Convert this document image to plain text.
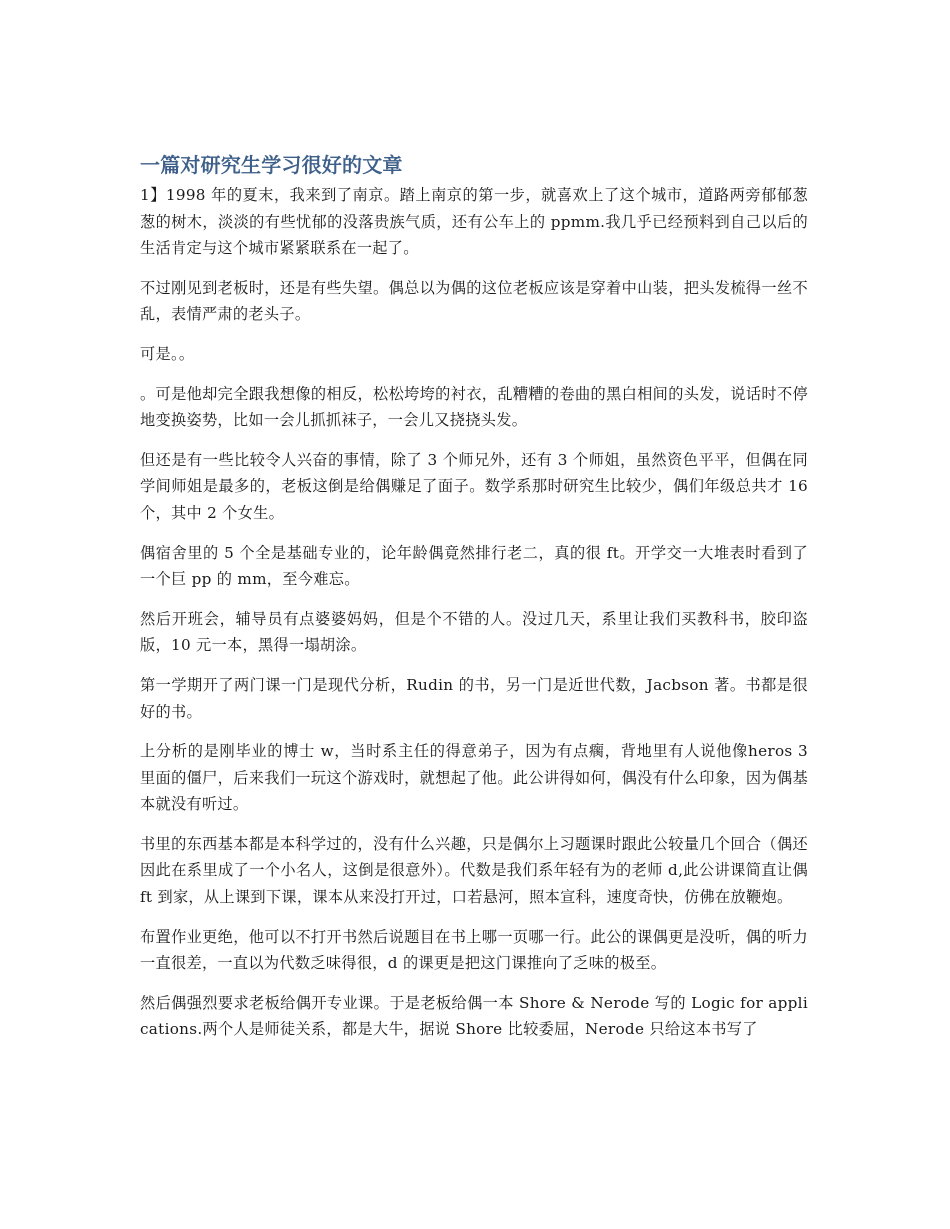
一篇对研究生学习很好的文章

1】1998 年的夏末，我来到了南京。踏上南京的第一步，就喜欢上了这个城市，道路两旁郁郁葱葱的树木，淡淡的有些忧郁的没落贵族气质，还有公车上的 ppmm.我几乎已经预料到自己以后的生活肯定与这个城市紧紧联系在一起了。

不过刚见到老板时，还是有些失望。偶总以为偶的这位老板应该是穿着中山装，把头发梳得一丝不乱，表情严肃的老头子。

可是。。

。可是他却完全跟我想像的相反，松松垮垮的衬衣，乱糟糟的卷曲的黑白相间的头发，说话时不停地变换姿势，比如一会儿抓抓袜子，一会儿又挠挠头发。

但还是有一些比较令人兴奋的事情，除了 3 个师兄外，还有 3 个师姐，虽然资色平平，但偶在同学间师姐是最多的，老板这倒是给偶赚足了面子。数学系那时研究生比较少，偶们年级总共才 16 个，其中 2 个女生。

偶宿舍里的 5 个全是基础专业的，论年龄偶竟然排行老二，真的很 ft。开学交一大堆表时看到了一个巨 pp 的 mm，至今难忘。

然后开班会，辅导员有点婆婆妈妈，但是个不错的人。没过几天，系里让我们买教科书，胶印盗版，10 元一本，黑得一塌胡涂。

第一学期开了两门课一门是现代分析，Rudin 的书，另一门是近世代数，Jacbson 著。书都是很好的书。

上分析的是刚毕业的博士 w，当时系主任的得意弟子，因为有点瘸，背地里有人说他像heros 3 里面的僵尸，后来我们一玩这个游戏时，就想起了他。此公讲得如何，偶没有什么印象，因为偶基本就没有听过。

书里的东西基本都是本科学过的，没有什么兴趣，只是偶尔上习题课时跟此公较量几个回合（偶还因此在系里成了一个小名人，这倒是很意外）。代数是我们系年轻有为的老师 d,此公讲课简直让偶 ft 到家，从上课到下课，课本从来没打开过，口若悬河，照本宣科，速度奇快，仿佛在放鞭炮。

布置作业更绝，他可以不打开书然后说题目在书上哪一页哪一行。此公的课偶更是没听，偶的听力一直很差，一直以为代数乏味得很，d 的课更是把这门课推向了乏味的极至。

然后偶强烈要求老板给偶开专业课。于是老板给偶一本 Shore & Nerode 写的 Logic for applications.两个人是师徒关系，都是大牛，据说 Shore 比较委屈，Nerode 只给这本书写了
